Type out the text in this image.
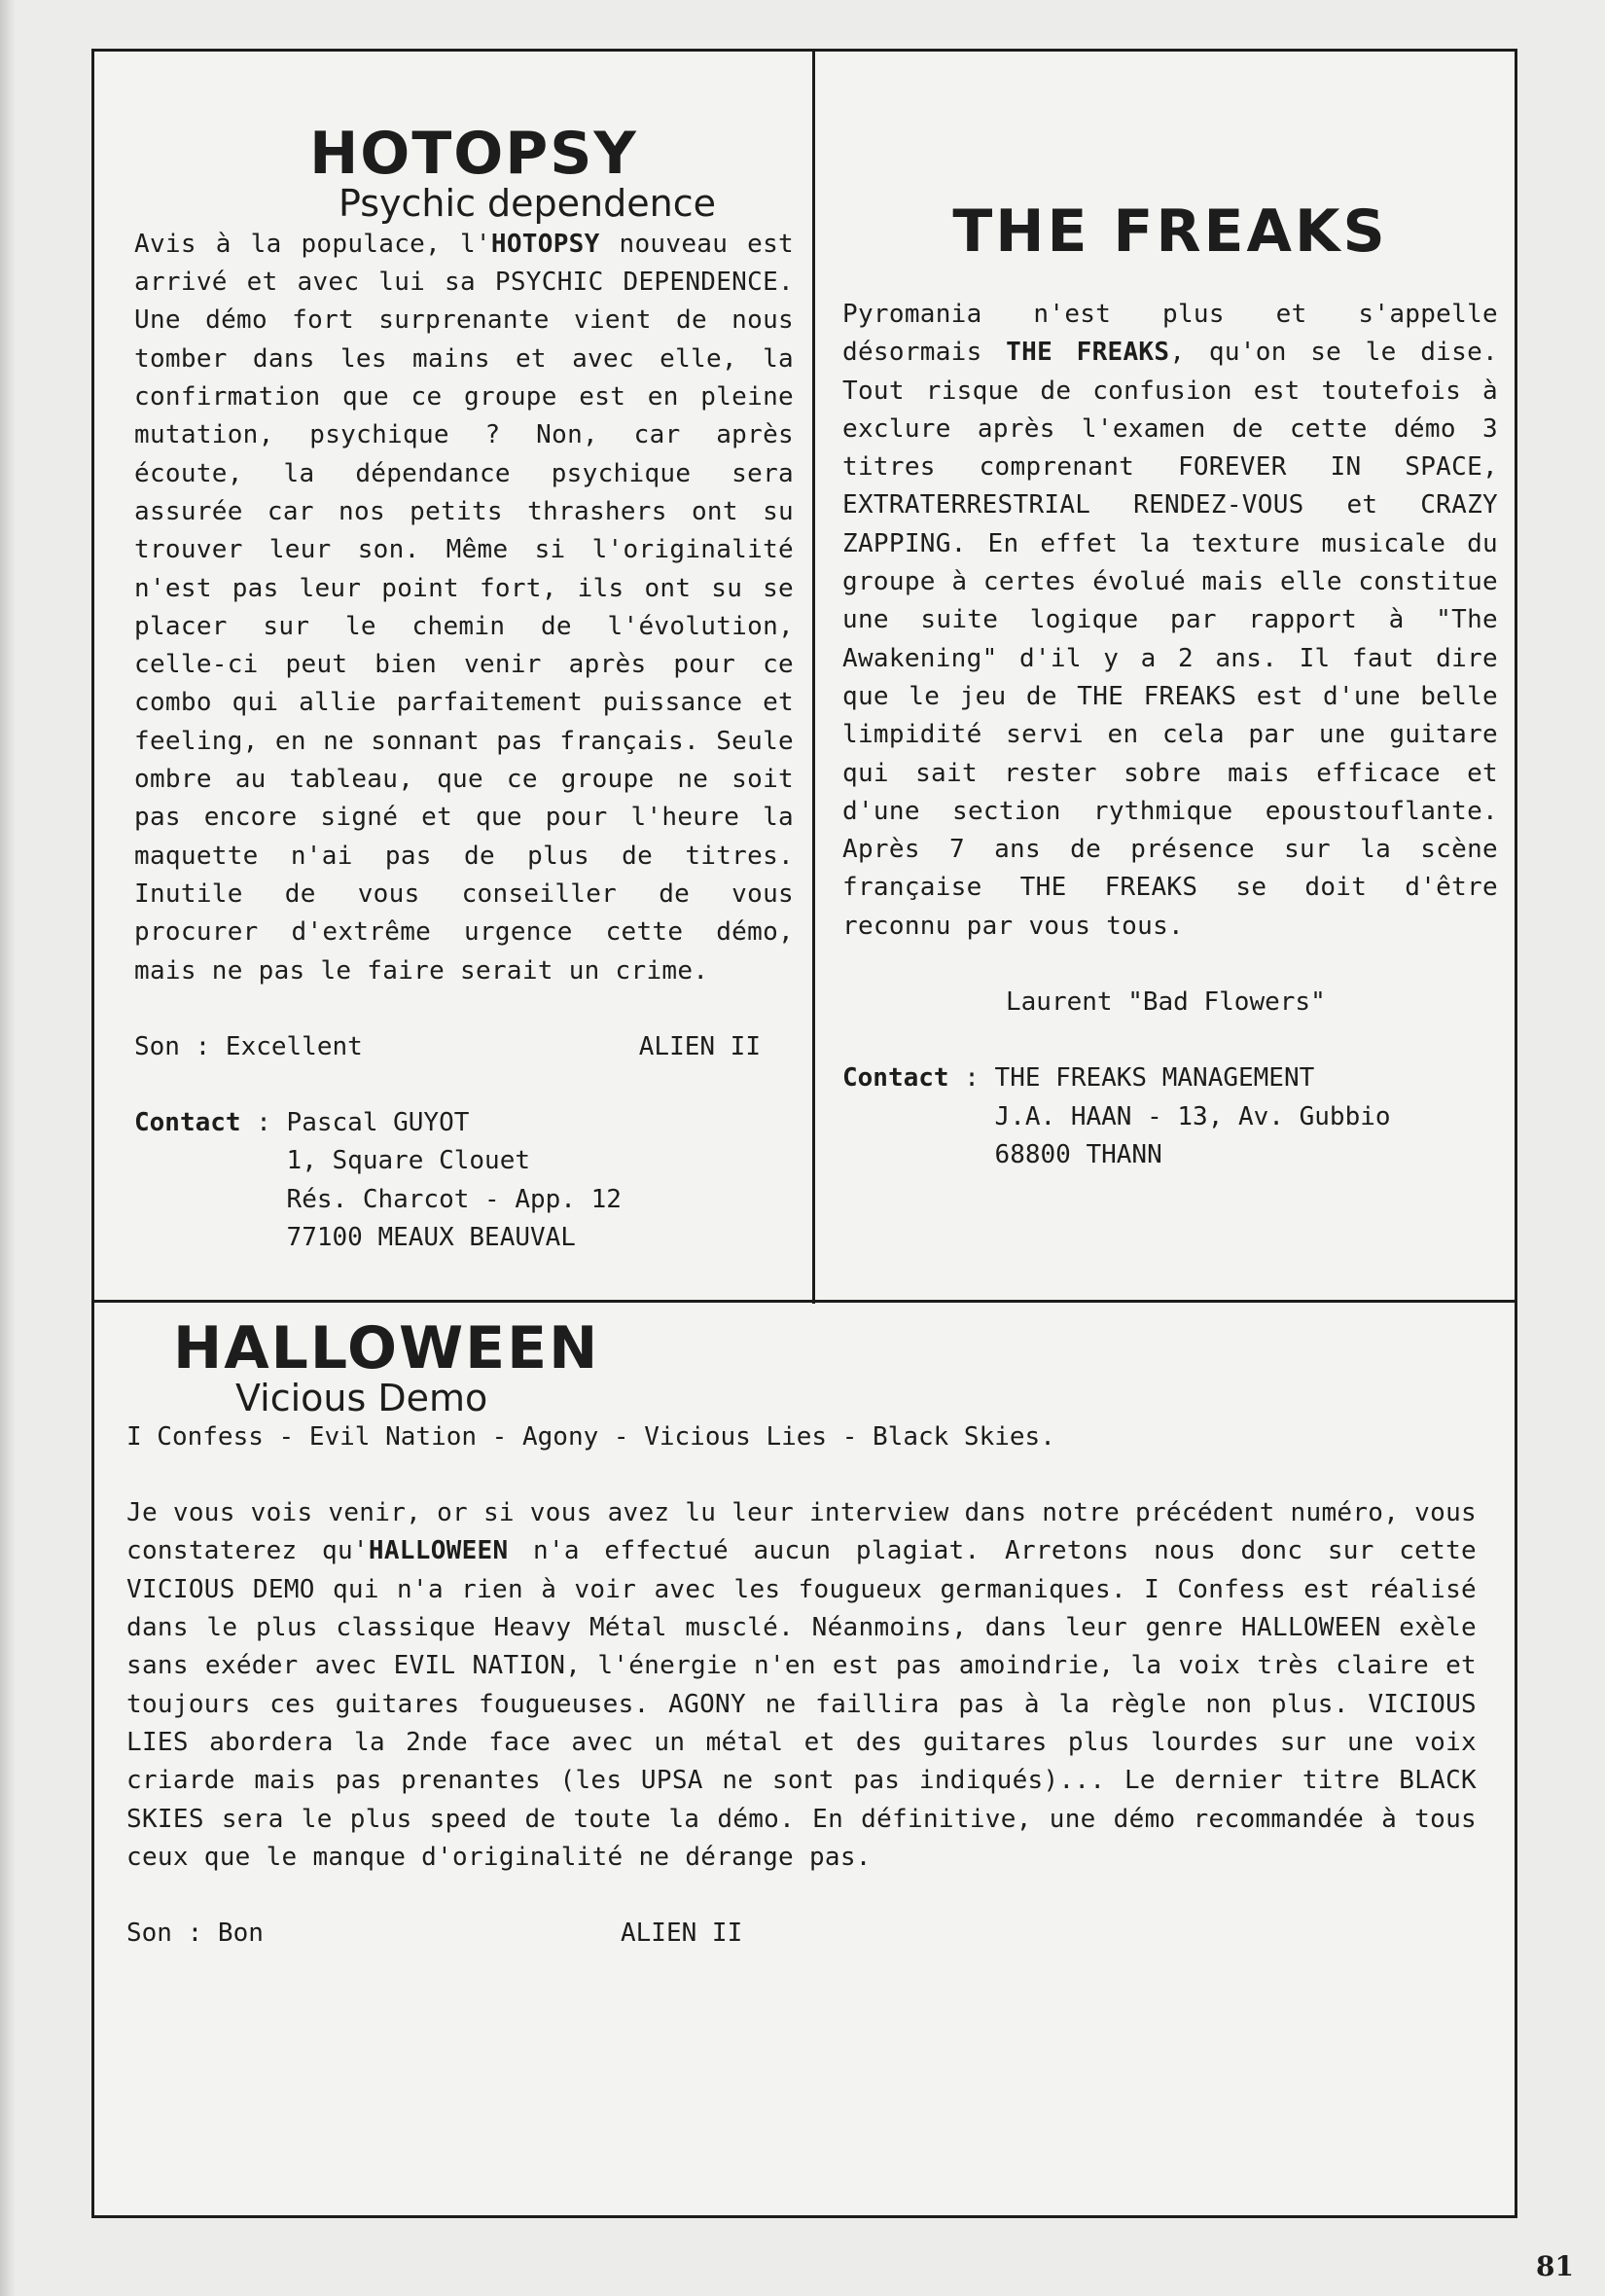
HOTOPSY
Psychic dependence

Avis à la populace, l'HOTOPSY nouveau est arrivé et avec lui sa PSYCHIC DEPENDENCE. Une démo fort surprenante vient de nous tomber dans les mains et avec elle, la confirmation que ce groupe est en pleine mutation, psychique ? Non, car après écoute, la dépendance psychique sera assurée car nos petits thrashers ont su trouver leur son. Même si l'originalité n'est pas leur point fort, ils ont su se placer sur le chemin de l'évolution, celle-ci peut bien venir après pour ce combo qui allie parfaitement puissance et feeling, en ne sonnant pas français. Seule ombre au tableau, que ce groupe ne soit pas encore signé et que pour l'heure la maquette n'ai pas de plus de titres. Inutile de vous conseiller de vous procurer d'extrême urgence cette démo, mais ne pas le faire serait un crime.

Son : Excellent	ALIEN II
Contact : Pascal GUYOT
1, Square Clouet
Rés. Charcot - App. 12
77100 MEAUX BEAUVAL
THE FREAKS

Pyromania n'est plus et s'appelle désormais THE FREAKS, qu'on se le dise. Tout risque de confusion est toutefois à exclure après l'examen de cette démo 3 titres comprenant FOREVER IN SPACE, EXTRATERRESTRIAL RENDEZ-VOUS et CRAZY ZAPPING. En effet la texture musicale du groupe à certes évolué mais elle constitue une suite logique par rapport à "The Awakening" d'il y a 2 ans. Il faut dire que le jeu de THE FREAKS est d'une belle limpidité servi en cela par une guitare qui sait rester sobre mais efficace et d'une section rythmique epoustouflante. Après 7 ans de présence sur la scène française THE FREAKS se doit d'être reconnu par vous tous.

Laurent "Bad Flowers"
Contact : THE FREAKS MANAGEMENT
J.A. HAAN - 13, Av. Gubbio
68800 THANN
HALLOWEEN
Vicious Demo
I Confess - Evil Nation - Agony - Vicious Lies - Black Skies.

Je vous vois venir, or si vous avez lu leur interview dans notre précédent numéro, vous constaterez qu'HALLOWEEN n'a effectué aucun plagiat. Arretons nous donc sur cette VICIOUS DEMO qui n'a rien à voir avec les fougueux germaniques. I Confess est réalisé dans le plus classique Heavy Métal musclé. Néanmoins, dans leur genre HALLOWEEN exèle sans exéder avec EVIL NATION, l'énergie n'en est pas amoindrie, la voix très claire et toujours ces guitares fougueuses. AGONY ne faillira pas à la règle non plus. VICIOUS LIES abordera la 2nde face avec un métal et des guitares plus lourdes sur une voix criarde mais pas prenantes (les UPSA ne sont pas indiqués)... Le dernier titre BLACK SKIES sera le plus speed de toute la démo. En définitive, une démo recommandée à tous ceux que le manque d'originalité ne dérange pas.

Son : Bon	ALIEN II
81
